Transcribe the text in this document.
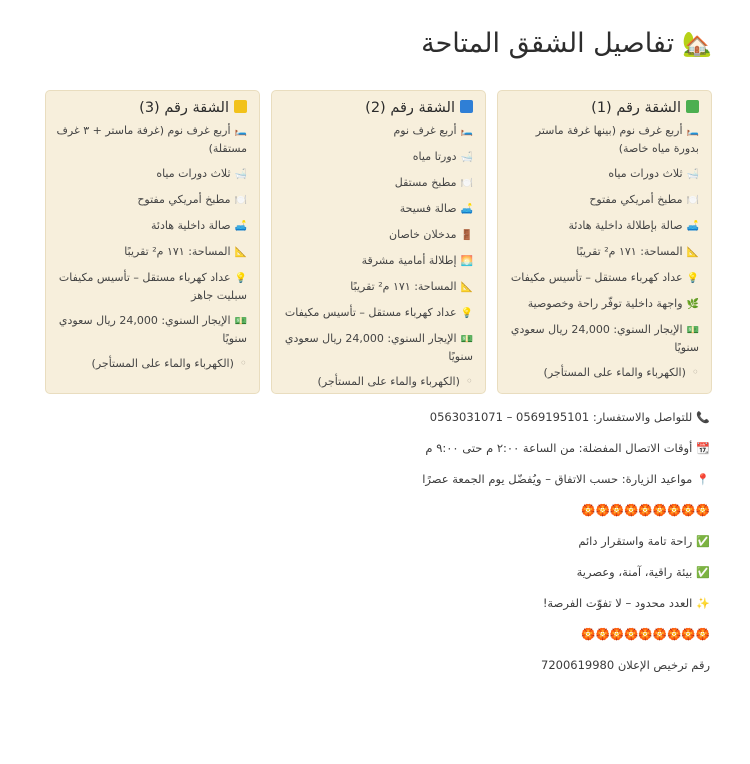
🏡تفاصيل الشقق المتاحة
الشقة رقم (1)
🛏️أربع غرف نوم (بينها غرفة ماستر بدورة مياه خاصة)
🛁ثلاث دورات مياه
🍽️مطبخ أمريكي مفتوح
🛋️صالة بإطلالة داخلية هادئة
📐المساحة: ١٧١ م² تقريبًا
💡عداد كهرباء مستقل – تأسيس مكيفات
🌿واجهة داخلية توفّر راحة وخصوصية
💵الإيجار السنوي: 24,000 ريال سعودي سنويًا
◦(الكهرباء والماء على المستأجر)
الشقة رقم (2)
🛏️أربع غرف نوم
🛁دورتا مياه
🍽️مطبخ مستقل
🛋️صالة فسيحة
🚪مدخلان خاصان
🌅إطلالة أمامية مشرقة
📐المساحة: ١٧١ م² تقريبًا
💡عداد كهرباء مستقل – تأسيس مكيفات
💵الإيجار السنوي: 24,000 ريال سعودي سنويًا
◦(الكهرباء والماء على المستأجر)
الشقة رقم (3)
🛏️أربع غرف نوم (غرفة ماستر + ٣ غرف مستقلة)
🛁ثلاث دورات مياه
🍽️مطبخ أمريكي مفتوح
🛋️صالة داخلية هادئة
📐المساحة: ١٧١ م² تقريبًا
💡عداد كهرباء مستقل – تأسيس مكيفات سبليت جاهز
💵الإيجار السنوي: 24,000 ريال سعودي سنويًا
◦(الكهرباء والماء على المستأجر)

📞للتواصل والاستفسار: 0569195101 – 0563031071

📆أوقات الاتصال المفضلة: من الساعة ٢:٠٠ م حتى ٩:٠٠ م

📍مواعيد الزيارة: حسب الاتفاق – ويُفضّل يوم الجمعة عصرًا

🏵️🏵️🏵️🏵️🏵️🏵️🏵️🏵️🏵️

✅راحة تامة واستقرار دائم

✅بيئة راقية، آمنة، وعصرية

✨العدد محدود – لا تفوّت الفرصة!

🏵️🏵️🏵️🏵️🏵️🏵️🏵️🏵️🏵️

رقم ترخيص الإعلان 7200619980
